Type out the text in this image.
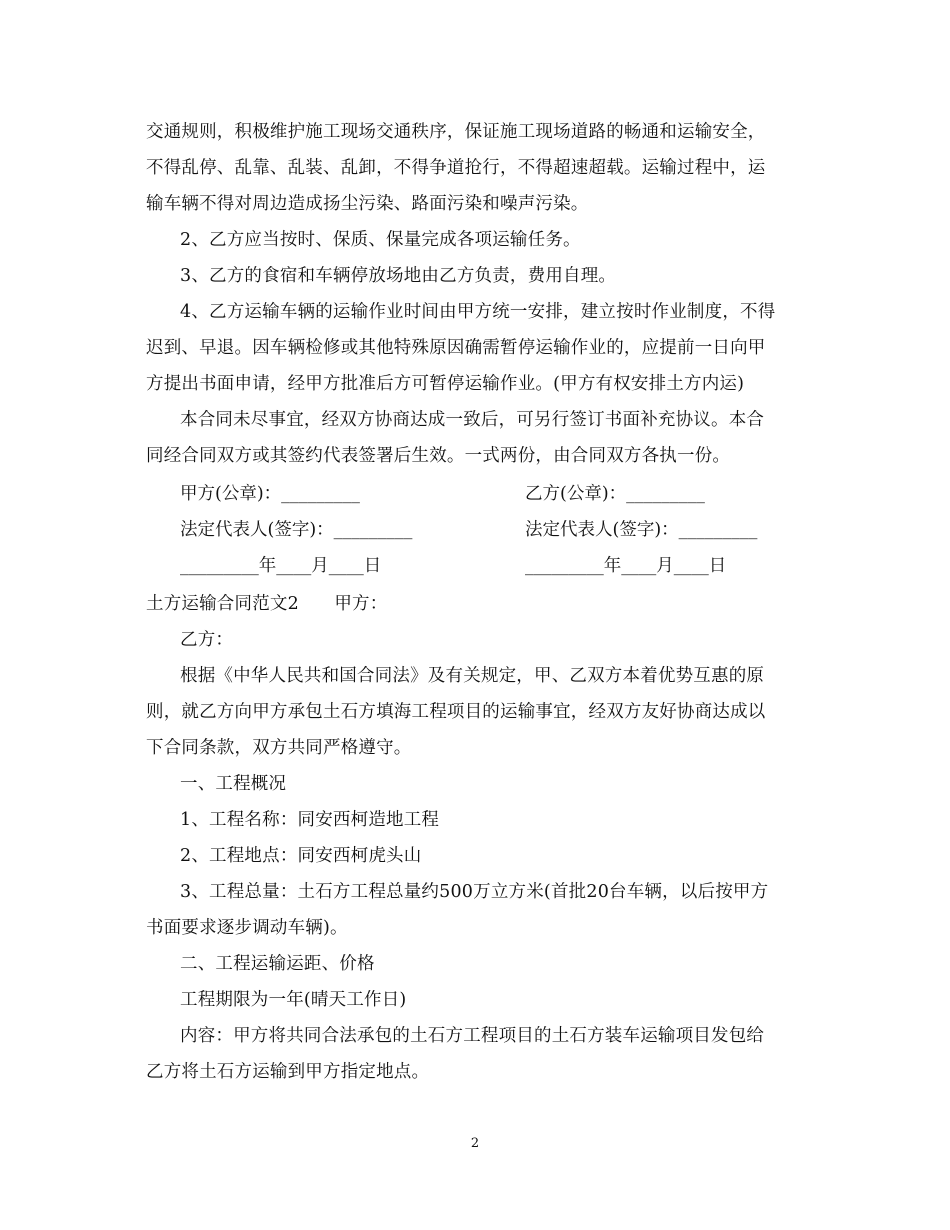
交通规则，积极维护施工现场交通秩序，保证施工现场道路的畅通和运输安全，
不得乱停、乱靠、乱装、乱卸，不得争道抢行，不得超速超载。运输过程中，运
输车辆不得对周边造成扬尘污染、路面污染和噪声污染。
2、乙方应当按时、保质、保量完成各项运输任务。
3、乙方的食宿和车辆停放场地由乙方负责，费用自理。
4、乙方运输车辆的运输作业时间由甲方统一安排，建立按时作业制度，不得
迟到、早退。因车辆检修或其他特殊原因确需暂停运输作业的，应提前一日向甲
方提出书面申请，经甲方批准后方可暂停运输作业。(甲方有权安排土方内运)
本合同未尽事宜，经双方协商达成一致后，可另行签订书面补充协议。本合
同经合同双方或其签约代表签署后生效。一式两份，由合同双方各执一份。
甲方(公章)：_________	乙方(公章)：_________
法定代表人(签字)：_________	法定代表人(签字)：_________
_________年____月____日	_________年____月____日
土方运输合同范文2　　甲方：
乙方：
根据《中华人民共和国合同法》及有关规定，甲、乙双方本着优势互惠的原
则，就乙方向甲方承包土石方填海工程项目的运输事宜，经双方友好协商达成以
下合同条款，双方共同严格遵守。
一、工程概况
1、工程名称：同安西柯造地工程
2、工程地点：同安西柯虎头山
3、工程总量：土石方工程总量约500万立方米(首批20台车辆，以后按甲方
书面要求逐步调动车辆)。
二、工程运输运距、价格
工程期限为一年(晴天工作日)
内容：甲方将共同合法承包的土石方工程项目的土石方装车运输项目发包给
乙方将土石方运输到甲方指定地点。
2
